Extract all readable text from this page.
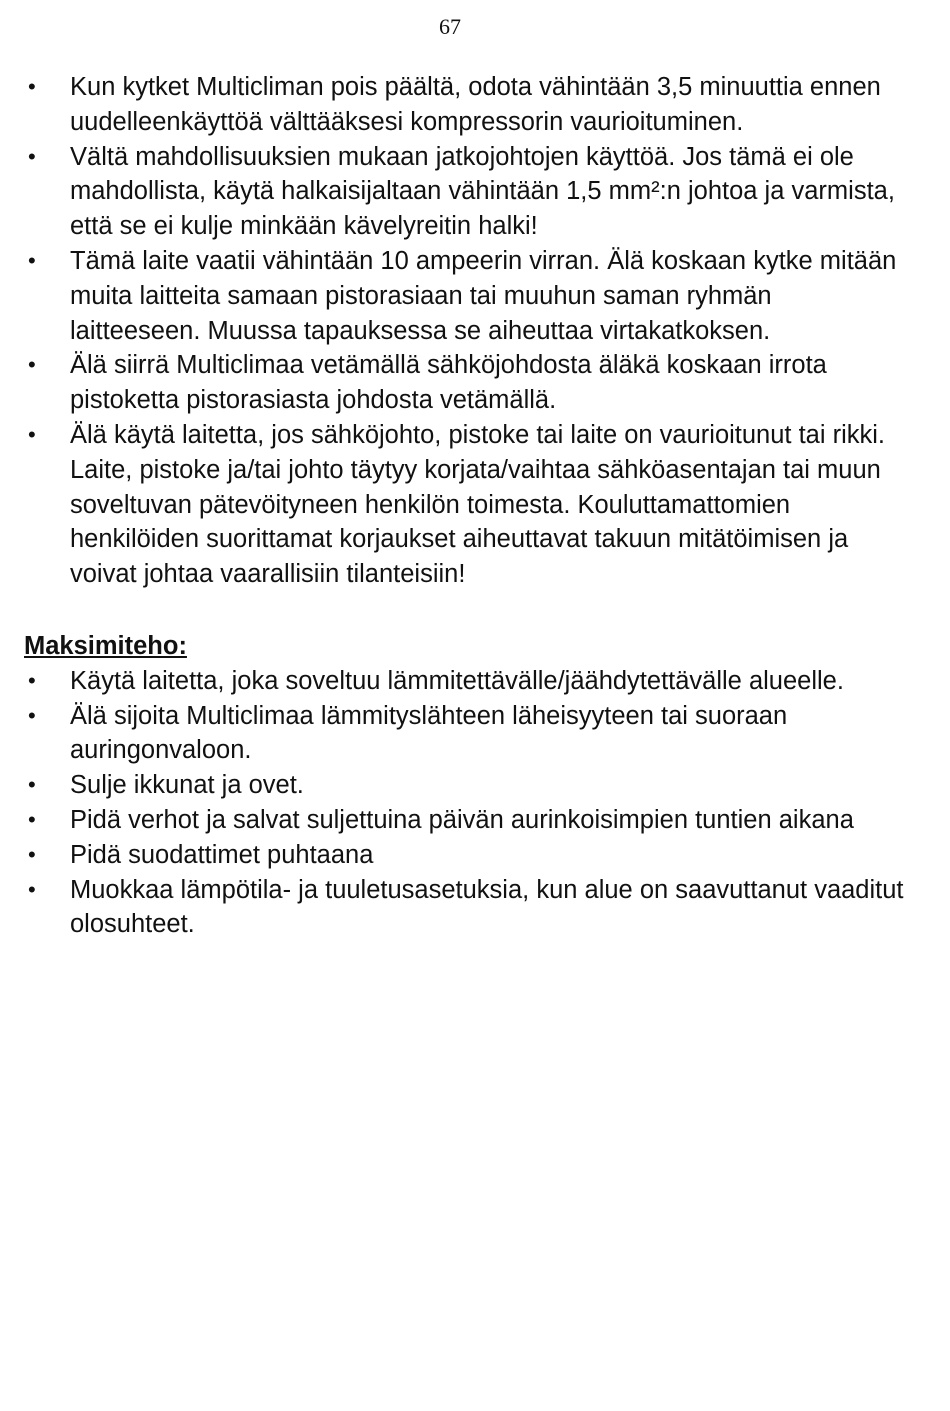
67
• Kun kytket Multicliman pois päältä, odota vähintään 3,5 minuuttia ennen uudelleenkäyttöä välttääksesi kompressorin vaurioituminen.
• Vältä mahdollisuuksien mukaan jatkojohtojen käyttöä. Jos tämä ei ole mahdollista, käytä halkaisijaltaan vähintään 1,5 mm²:n johtoa ja varmista, että se ei kulje minkään kävelyreitin halki!
• Tämä laite vaatii vähintään 10 ampeerin virran. Älä koskaan kytke mitään muita laitteita samaan pistorasiaan tai muuhun saman ryhmän laitteeseen. Muussa tapauksessa se aiheuttaa virtakatkoksen.
• Älä siirrä Multiclimaa vetämällä sähköjohdosta äläkä koskaan irrota pistoketta pistorasiasta johdosta vetämällä.
• Älä käytä laitetta, jos sähköjohto, pistoke tai laite on vaurioitunut tai rikki. Laite, pistoke ja/tai johto täytyy korjata/vaihtaa sähköasentajan tai muun soveltuvan pätevöityneen henkilön toimesta. Kouluttamattomien henkilöiden suorittamat korjaukset aiheuttavat takuun mitätöimisen ja voivat johtaa vaarallisiin tilanteisiin!
Maksimiteho:
• Käytä laitetta, joka soveltuu lämmitettävälle/jäähdytettävälle alueelle.
• Älä sijoita Multiclimaa lämmityslähteen läheisyyteen tai suoraan auringonvaloon.
• Sulje ikkunat ja ovet.
• Pidä verhot ja salvat suljettuina päivän aurinkoisimpien tuntien aikana
• Pidä suodattimet puhtaana
• Muokkaa lämpötila- ja tuuletusasetuksia, kun alue on saavuttanut vaaditut olosuhteet.
